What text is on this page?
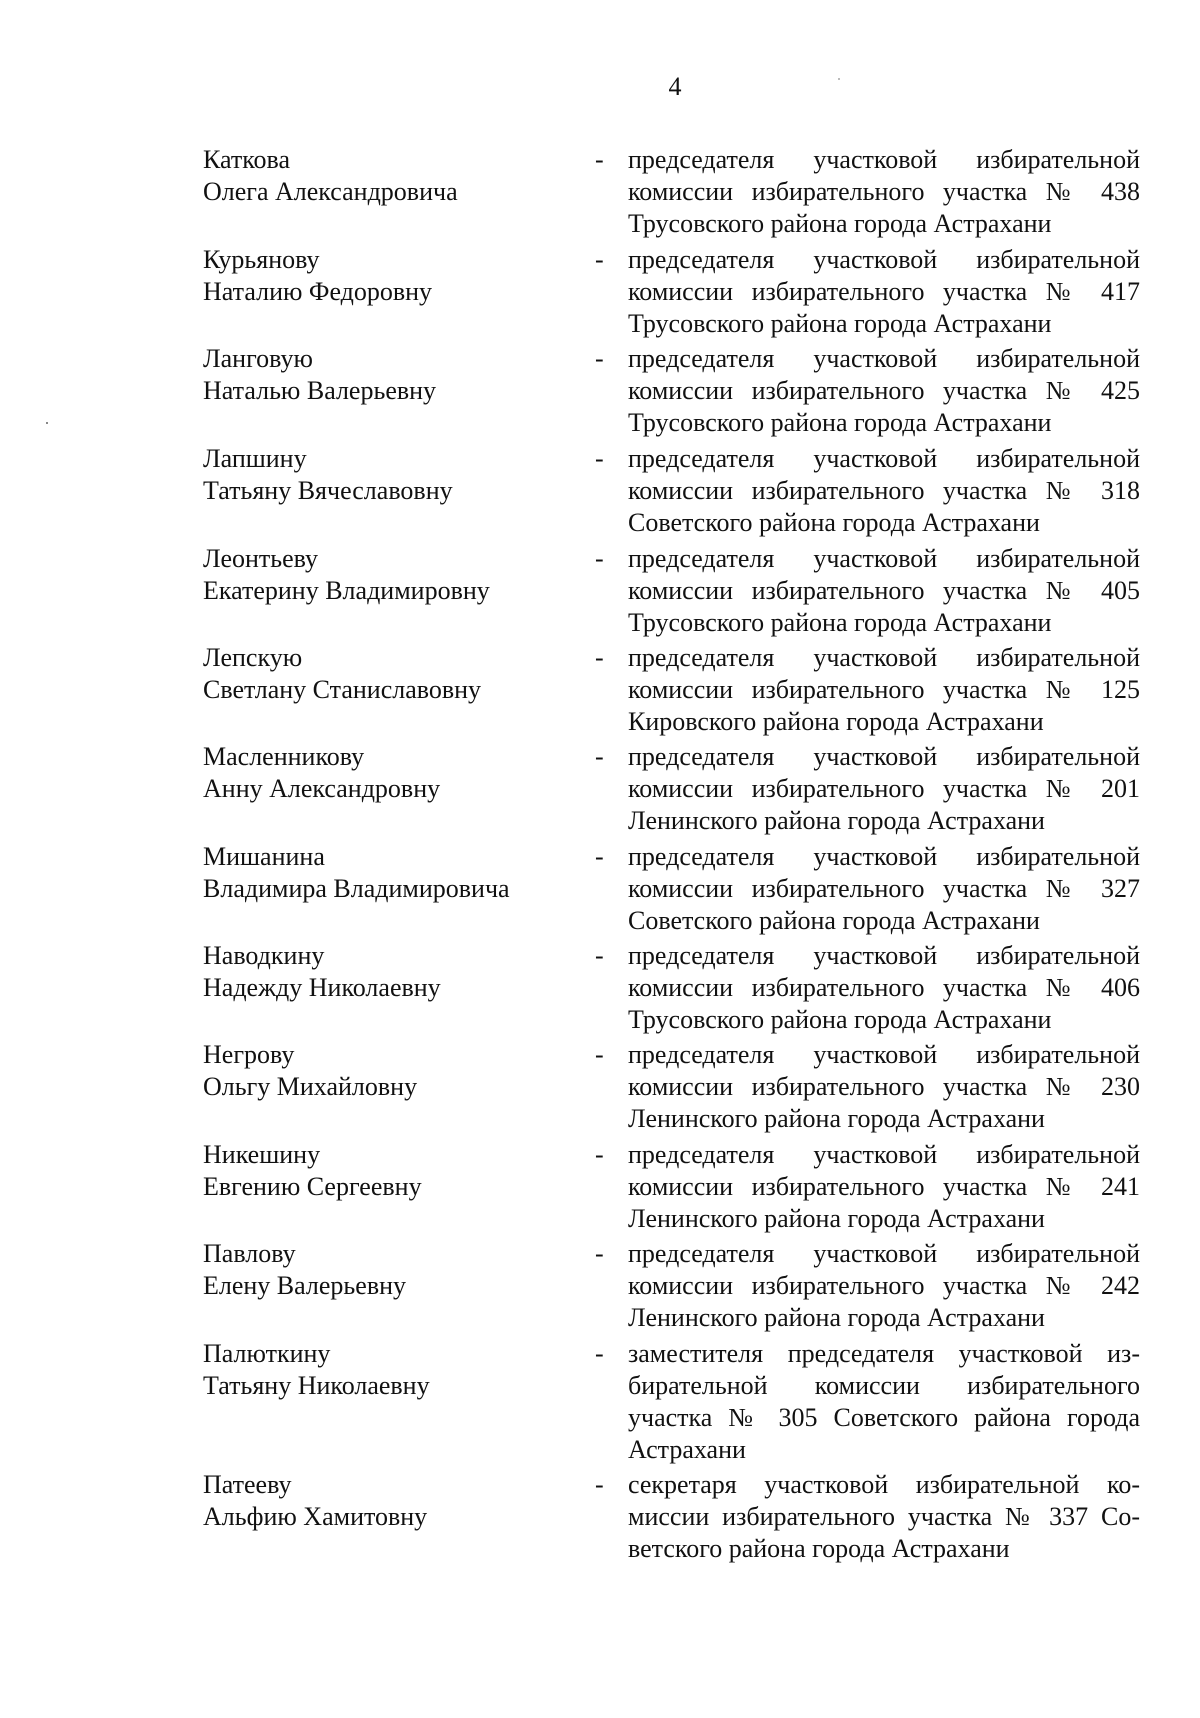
4
Каткова
Олега Александровича
- председателя участковой избирательной
комиссии избирательного участка № 438
Трусовского района города Астрахани
Курьянову
Наталию Федоровну
- председателя участковой избирательной
комиссии избирательного участка № 417
Трусовского района города Астрахани
Ланговую
Наталью Валерьевну
- председателя участковой избирательной
комиссии избирательного участка № 425
Трусовского района города Астрахани
Лапшину
Татьяну Вячеславовну
- председателя участковой избирательной
комиссии избирательного участка № 318
Советского района города Астрахани
Леонтьеву
Екатерину Владимировну
- председателя участковой избирательной
комиссии избирательного участка № 405
Трусовского района города Астрахани
Лепскую
Светлану Станиславовну
- председателя участковой избирательной
комиссии избирательного участка № 125
Кировского района города Астрахани
Масленникову
Анну Александровну
- председателя участковой избирательной
комиссии избирательного участка № 201
Ленинского района города Астрахани
Мишанина
Владимира Владимировича
- председателя участковой избирательной
комиссии избирательного участка № 327
Советского района города Астрахани
Наводкину
Надежду Николаевну
- председателя участковой избирательной
комиссии избирательного участка № 406
Трусовского района города Астрахани
Негрову
Ольгу Михайловну
- председателя участковой избирательной
комиссии избирательного участка № 230
Ленинского района города Астрахани
Никешину
Евгению Сергеевну
- председателя участковой избирательной
комиссии избирательного участка № 241
Ленинского района города Астрахани
Павлову
Елену Валерьевну
- председателя участковой избирательной
комиссии избирательного участка № 242
Ленинского района города Астрахани
Палюткину
Татьяну Николаевну
- заместителя председателя участковой из-
бирательной комиссии избирательного
участка № 305 Советского района города
Астрахани
Патееву
Альфию Хамитовну
- секретаря участковой избирательной ко-
миссии избирательного участка № 337 Со-
ветского района города Астрахани
